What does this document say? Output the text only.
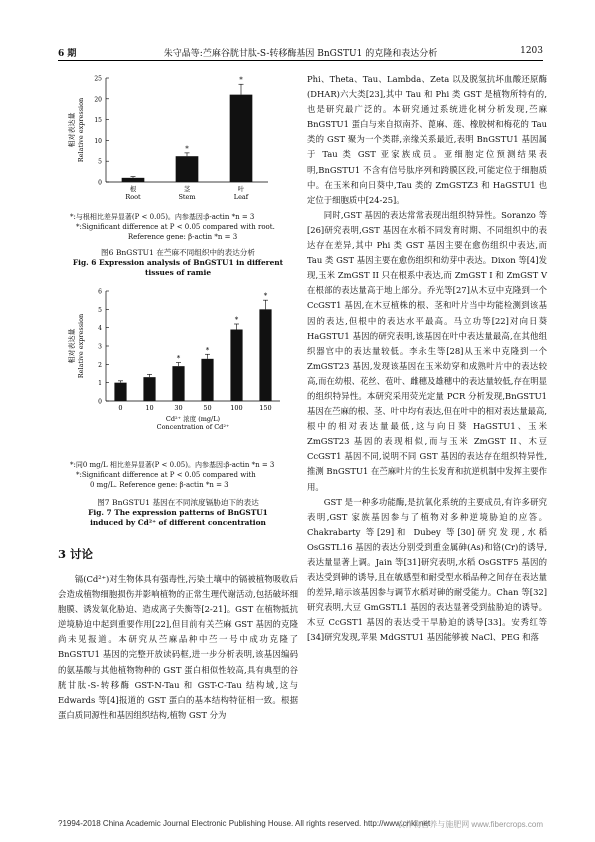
6 期	朱守晶等:苎麻谷胱甘肽-S-转移酶基因 BnGSTU1 的克隆和表达分析	1203
0
5
10
15
20
25
根
Root
*
茎
Stem
*
叶
Leaf
相对表达量 Relative expression
*:与根相比差异显著(P < 0.05)。内参基因:β-actin *n = 3
*:Significant difference at P < 0.05 compared with root.
Reference gene: β-actin *n = 3
图6 BnGSTU1 在苎麻不同组织中的表达分析
Fig. 6 Expression analysis of BnGSTU1 in different
tissues of ramie
0
1
2
3
4
5
6
0	10
*
30
*
50
*
100
*
150
相对表达量 Relative expression
Cd²⁺ 浓度 (mg/L)
Concentration of Cd²⁺
*:同0 mg/L 相比差异显著(P < 0.05)。内参基因:β-actin *n = 3
*:Significant difference at P < 0.05 compared with
0 mg/L. Reference gene: β-actin *n = 3
图7 BnGSTU1 基因在不同浓度镉胁迫下的表达
Fig. 7 The expression patterns of BnGSTU1
induced by Cd²⁺ of different concentration
3 讨论

镉(Cd²⁺)对生物体具有强毒性,污染土壤中的镉被植物吸收后会造成植物细胞损伤并影响植物的正常生理代谢活动,包括破坏细胞膜、诱发氧化胁迫、造成离子失衡等[2-21]。GST 在植物抵抗逆境胁迫中起到重要作用[22],但目前有关苎麻 GST 基因的克隆尚未见报道。本研究从苎麻品种中苎一号中成功克隆了 BnGSTU1 基因的完整开放读码框,进一步分析表明,该基因编码的氨基酸与其他植物物种的 GST 蛋白相似性较高,具有典型的谷胱甘肽-S-转移酶 GST-N-Tau 和 GST-C-Tau 结构域,这与 Edwards 等[4]报道的 GST 蛋白的基本结构特征相一致。根据蛋白质同源性和基因组织结构,植物 GST 分为

Phi、Theta、Tau、Lambda、Zeta 以及脱氢抗坏血酸还原酶(DHAR)六大类[23],其中 Tau 和 Phi 类 GST 是植物所特有的,也是研究最广泛的。本研究通过系统进化树分析发现,苎麻 BnGSTU1 蛋白与来自拟南芥、蓖麻、莲、橡胶树和梅花的 Tau 类的 GST 聚为一个类群,亲缘关系最近,表明 BnGSTU1 基因属于 Tau 类 GST 亚家族成员。亚细胞定位预测结果表明,BnGSTU1 不含有信号肽序列和跨膜区段,可能定位于细胞质中。在玉米和向日葵中,Tau 类的 ZmGSTZ3 和 HaGSTU1 也定位于细胞质中[24-25]。

同时,GST 基因的表达常常表现出组织特异性。Soranzo 等[26]研究表明,GST 基因在水稻不同发育时期、不同组织中的表达存在差异,其中 Phi 类 GST 基因主要在愈伤组织中表达,而 Tau 类 GST 基因主要在愈伤组织和幼芽中表达。Dixon 等[4]发现,玉米 ZmGST II 只在根系中表达,而 ZmGST I 和 ZmGST V 在根部的表达量高于地上部分。乔光等[27]从木豆中克隆到一个 CcGST1 基因,在木豆植株的根、茎和叶片当中均能检测到该基因的表达,但根中的表达水平最高。马立功等[22]对向日葵 HaGSTU1 基因的研究表明,该基因在叶中表达量最高,在其他组织器官中的表达量较低。李永生等[28]从玉米中克隆到一个 ZmGST23 基因,发现该基因在玉米幼穿和成熟叶片中的表达较高,而在幼根、花丝、苞叶、雌穗及雄穗中的表达量较低,存在明显的组织特异性。本研究采用荧光定量 PCR 分析发现,BnGSTU1 基因在苎麻的根、茎、叶中均有表达,但在叶中的相对表达量最高,根中的相对表达量最低,这与向日葵 HaGSTU1、玉米 ZmGST23 基因的表现相似,而与玉米 ZmGST II、木豆 CcGST1 基因不同,说明不同 GST 基因的表达存在组织特异性,推测 BnGSTU1 在苎麻叶片的生长发育和抗逆机制中发挥主要作用。

GST 是一种多功能酶,是抗氧化系统的主要成员,有许多研究表明,GST 家族基因参与了植物对多种逆境胁迫的应答。Chakrabarty 等[29]和 Dubey 等[30]研究发现,水稻 OsGSTL16 基因的表达分别受到重金属砷(As)和铬(Cr)的诱导,表达量显著上调。Jain 等[31]研究表明,水稻 OsGSTF5 基因的表达受到砷的诱导,且在敏感型和耐受型水稻品种之间存在表达量的差异,暗示该基因参与调节水稻对砷的耐受能力。Chan 等[32]研究表明,大豆 GmGSTL1 基因的表达显著受到盐胁迫的诱导。木豆 CcGST1 基因的表达受干旱胁迫的诱导[33]。安秀红等[34]研究发现,苹果 MdGSTU1 基因能够被 NaCl、PEG 和落

?1994-2018 China Academic Journal Electronic Publishing House. All rights reserved. http://www.cnki.net
农作物营养与施肥网 www.fibercrops.com
